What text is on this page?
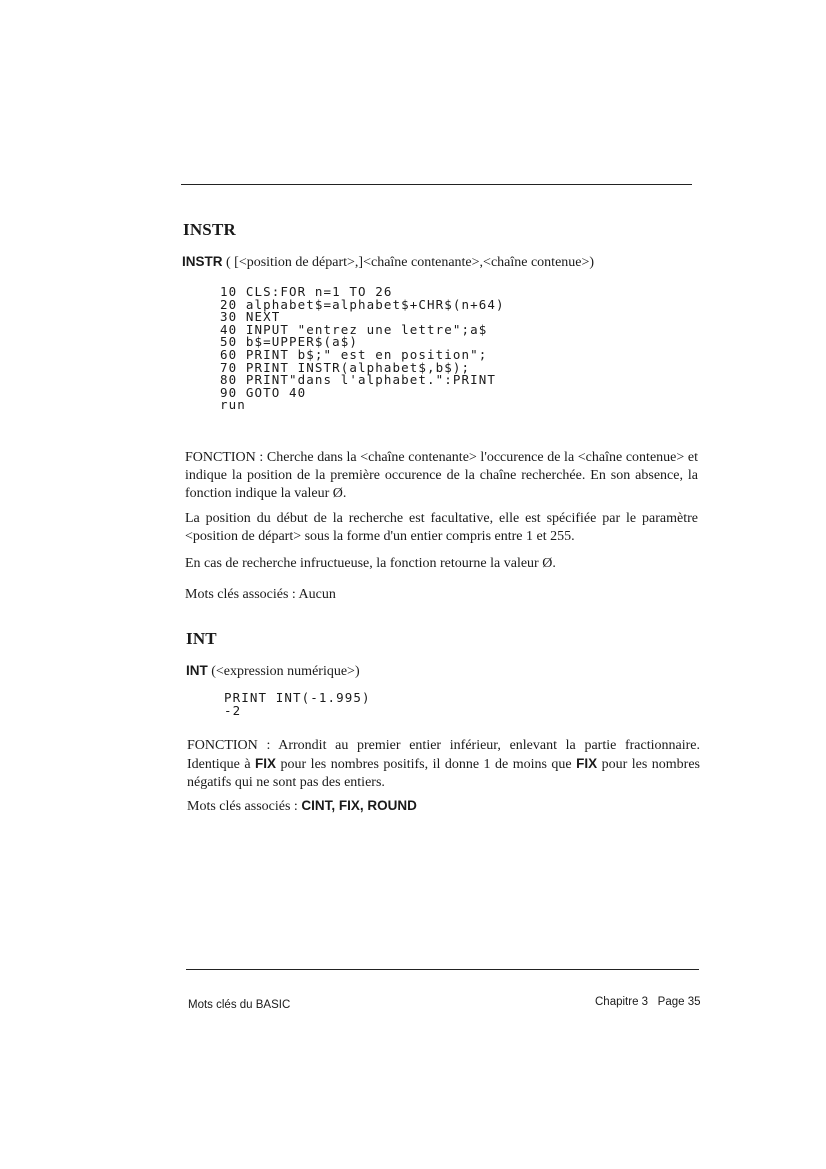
INSTR
INSTR ( [<position de départ>,]<chaîne contenante>,<chaîne contenue>)
10 CLS:FOR n=1 TO 26
20 alphabet$=alphabet$+CHR$(n+64)
30 NEXT
40 INPUT "entrez une lettre";a$
50 b$=UPPER$(a$)
60 PRINT b$;" est en position";
70 PRINT INSTR(alphabet$,b$);
80 PRINT"dans l'alphabet.":PRINT
90 GOTO 40
run

FONCTION : Cherche dans la <chaîne contenante> l'occurence de la <chaîne contenue> et indique la position de la première occurence de la chaîne recherchée. En son absence, la fonction indique la valeur Ø.

La position du début de la recherche est facultative, elle est spécifiée par le paramètre <position de départ> sous la forme d'un entier compris entre 1 et 255.

En cas de recherche infructueuse, la fonction retourne la valeur Ø.

Mots clés associés : Aucun

INT
INT (<expression numérique>)
PRINT INT(-1.995)
-2

FONCTION : Arrondit au premier entier inférieur, enlevant la partie fractionnaire. Identique à FIX pour les nombres positifs, il donne 1 de moins que FIX pour les nombres négatifs qui ne sont pas des entiers.

Mots clés associés : CINT, FIX, ROUND

Mots clés du BASIC	Chapitre 3   Page 35
